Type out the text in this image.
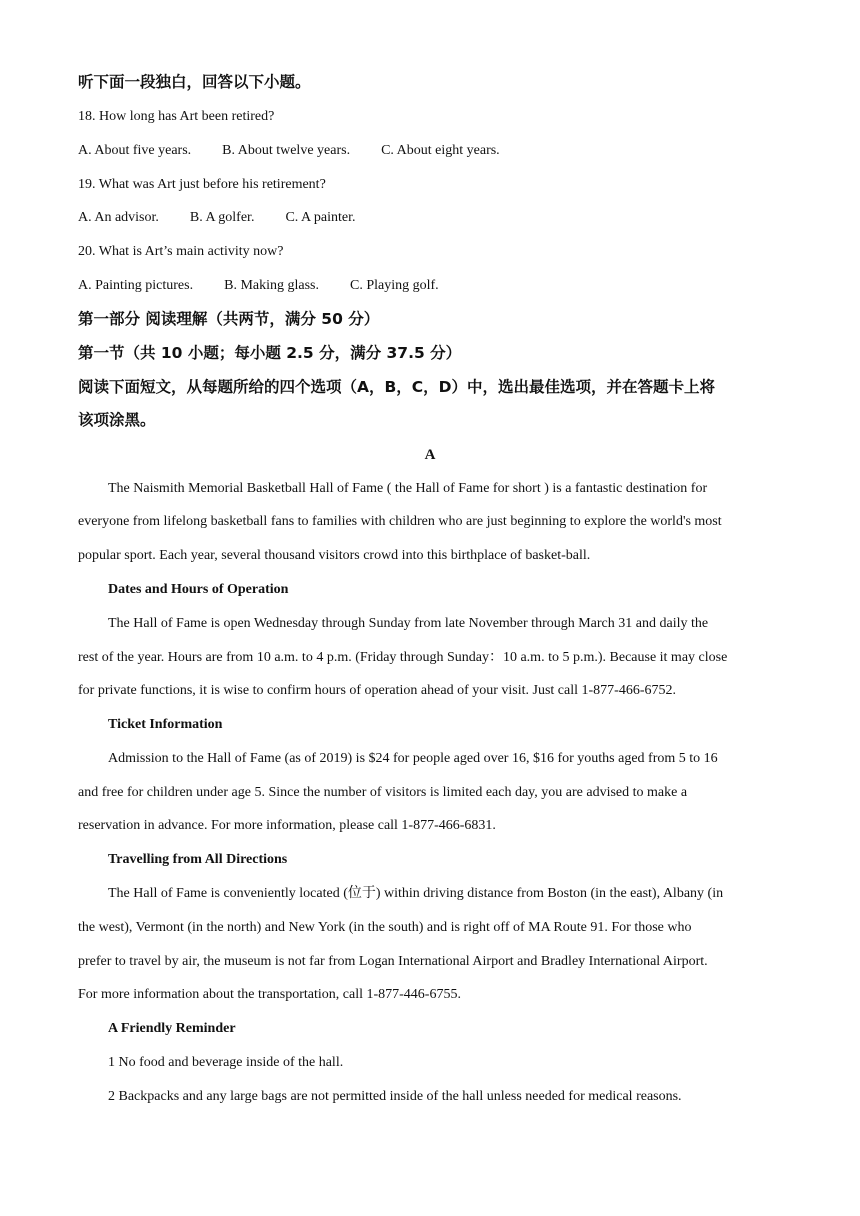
听下面一段独白，回答以下小题。
18. How long has Art been retired?
A. About five years. B. About twelve years. C. About eight years.
19. What was Art just before his retirement?
A. An advisor. B. A golfer. C. A painter.
20. What is Art’s main activity now?
A. Painting pictures. B. Making glass. C. Playing golf.
第一部分 阅读理解（共两节，满分 50 分）
第一节（共 10 小题；每小题 2.5 分，满分 37.5 分）
阅读下面短文，从每题所给的四个选项（A，B，C，D）中，选出最佳选项，并在答题卡上将
该项涂黑。
A
The Naismith Memorial Basketball Hall of Fame ( the Hall of Fame for short ) is a fantastic destination for
everyone from lifelong basketball fans to families with children who are just beginning to explore the world's most
popular sport. Each year, several thousand visitors crowd into this birthplace of basket-ball.
Dates and Hours of Operation
The Hall of Fame is open Wednesday through Sunday from late November through March 31 and daily the
rest of the year. Hours are from 10 a.m. to 4 p.m. (Friday through Sunday：10 a.m. to 5 p.m.). Because it may close
for private functions, it is wise to confirm hours of operation ahead of your visit. Just call 1-877-466-6752.
Ticket Information
Admission to the Hall of Fame (as of 2019) is $24 for people aged over 16, $16 for youths aged from 5 to 16
and free for children under age 5. Since the number of visitors is limited each day, you are advised to make a
reservation in advance. For more information, please call 1-877-466-6831.
Travelling from All Directions
The Hall of Fame is conveniently located (位于) within driving distance from Boston (in the east), Albany (in
the west), Vermont (in the north) and New York (in the south) and is right off of MA Route 91. For those who
prefer to travel by air, the museum is not far from Logan International Airport and Bradley International Airport.
For more information about the transportation, call 1-877-446-6755.
A Friendly Reminder
1 No food and beverage inside of the hall.
2 Backpacks and any large bags are not permitted inside of the hall unless needed for medical reasons.
